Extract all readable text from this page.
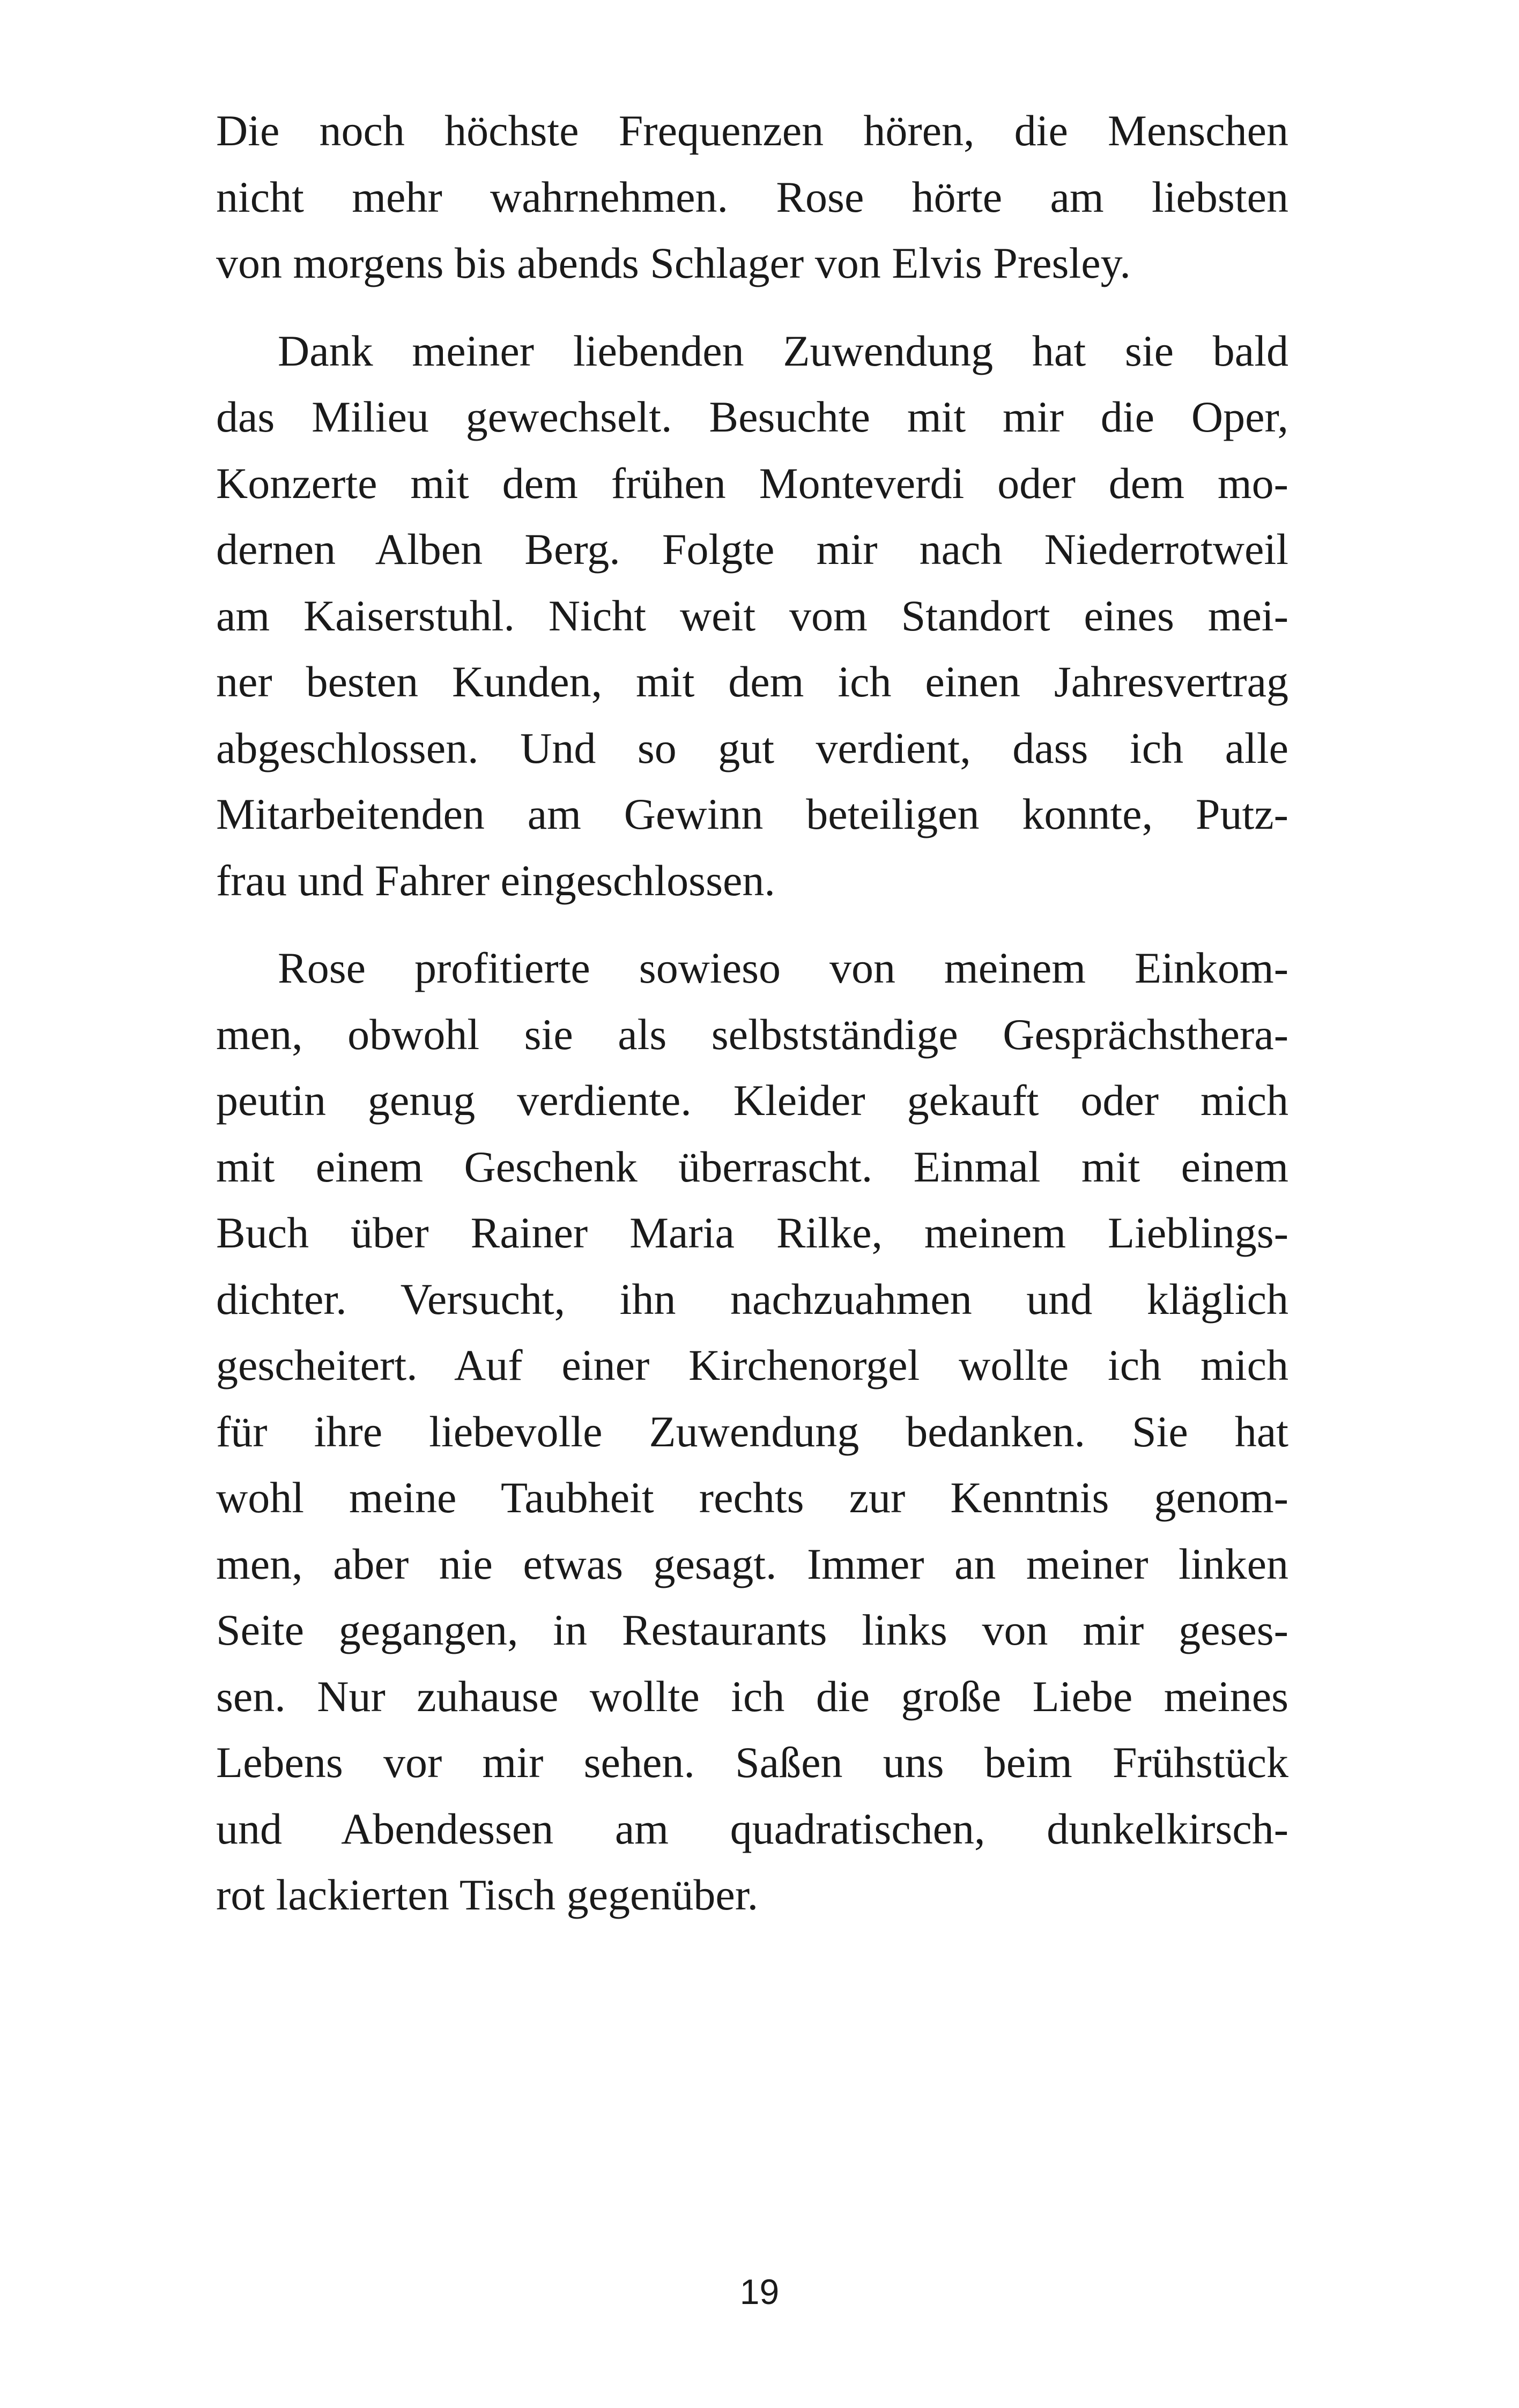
Die noch höchste Frequenzen hören, die Menschen
nicht mehr wahrnehmen. Rose hörte am liebsten
von morgens bis abends Schlager von Elvis Presley.

Dank meiner liebenden Zuwendung hat sie bald
das Milieu gewechselt. Besuchte mit mir die Oper,
Konzerte mit dem frühen Monteverdi oder dem mo-
dernen Alben Berg. Folgte mir nach Niederrotweil
am Kaiserstuhl. Nicht weit vom Standort eines mei-
ner besten Kunden, mit dem ich einen Jahresvertrag
abgeschlossen. Und so gut verdient, dass ich alle
Mitarbeitenden am Gewinn beteiligen konnte, Putz-
frau und Fahrer eingeschlossen.

Rose profitierte sowieso von meinem Einkom-
men, obwohl sie als selbstständige Gesprächsthera-
peutin genug verdiente. Kleider gekauft oder mich
mit einem Geschenk überrascht. Einmal mit einem
Buch über Rainer Maria Rilke, meinem Lieblings-
dichter. Versucht, ihn nachzuahmen und kläglich
gescheitert. Auf einer Kirchenorgel wollte ich mich
für ihre liebevolle Zuwendung bedanken. Sie hat
wohl meine Taubheit rechts zur Kenntnis genom-
men, aber nie etwas gesagt. Immer an meiner linken
Seite gegangen, in Restaurants links von mir geses-
sen. Nur zuhause wollte ich die große Liebe meines
Lebens vor mir sehen. Saßen uns beim Frühstück
und Abendessen am quadratischen, dunkelkirsch-
rot lackierten Tisch gegenüber.

19
